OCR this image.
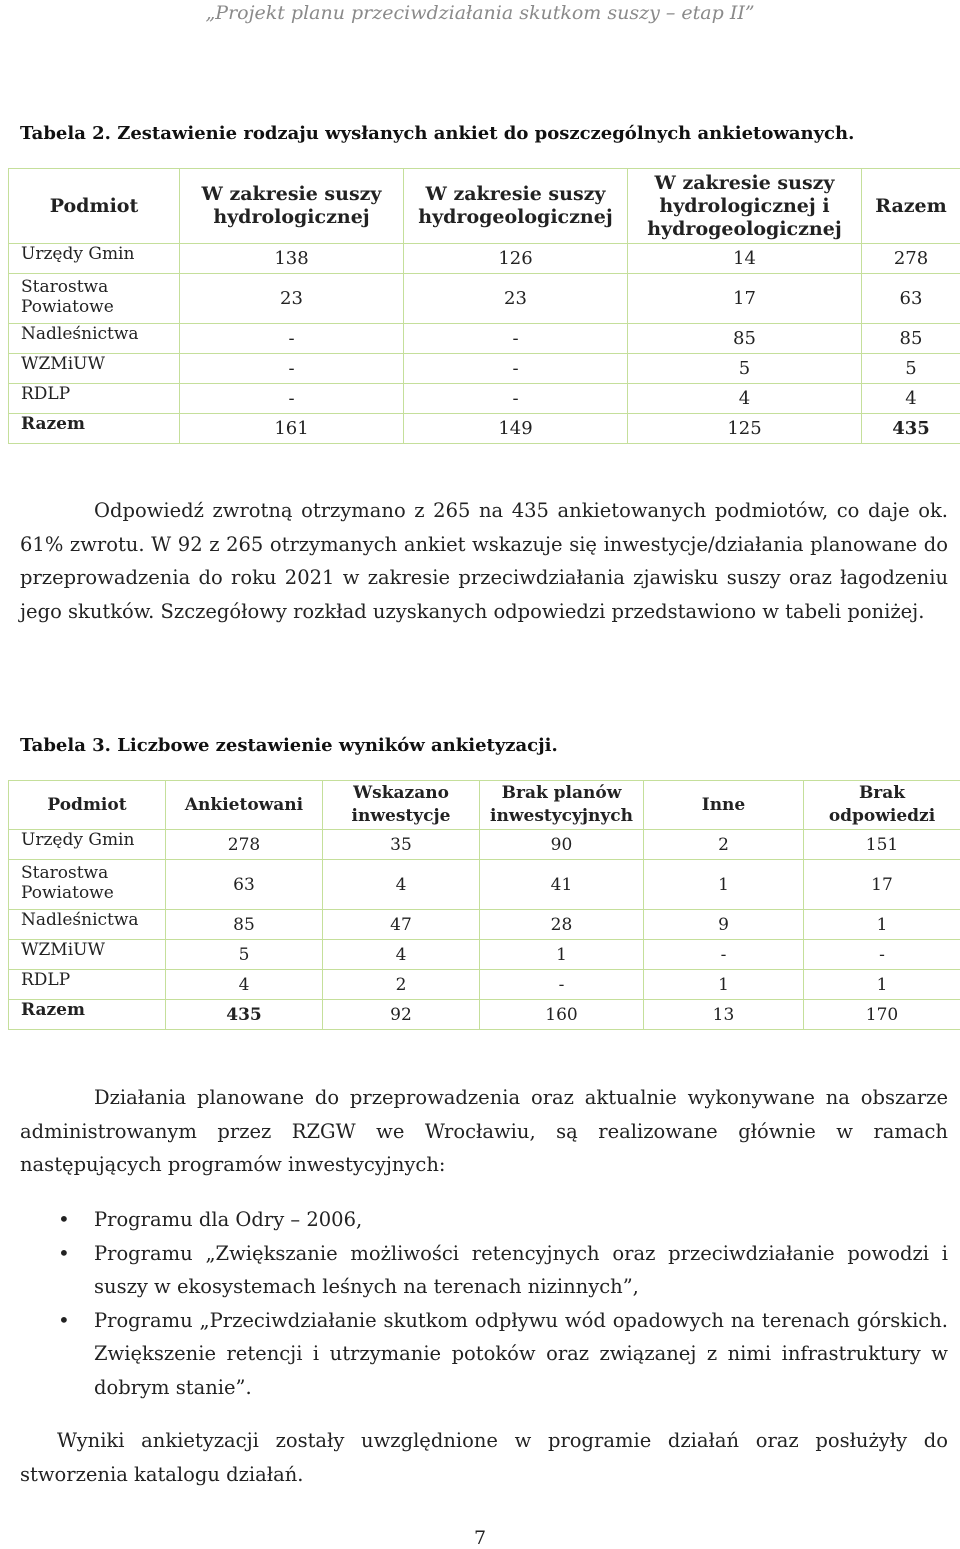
„Projekt planu przeciwdziałania skutkom suszy – etap II”
Tabela 2. Zestawienie rodzaju wysłanych ankiet do poszczególnych ankietowanych.
Podmiot	W zakresie suszy hydrologicznej	W zakresie suszy hydrogeologicznej	W zakresie suszy hydrologicznej i hydrogeologicznej	Razem
Urzędy Gmin	138	126	14	278
Starostwa Powiatowe	23	23	17	63
Nadleśnictwa	-	-	85	85
WZMiUW	-	-	5	5
RDLP	-	-	4	4
Razem	161	149	125	435

Odpowiedź zwrotną otrzymano z 265 na 435 ankietowanych podmiotów, co daje ok. 61% zwrotu. W 92 z 265 otrzymanych ankiet wskazuje się inwestycje/działania planowane do przeprowadzenia do roku 2021 w zakresie przeciwdziałania zjawisku suszy oraz łagodzeniu jego skutków. Szczegółowy rozkład uzyskanych odpowiedzi przedstawiono w tabeli poniżej.

Tabela 3. Liczbowe zestawienie wyników ankietyzacji.
Podmiot	Ankietowani	Wskazano inwestycje	Brak planów inwestycyjnych	Inne	Brak odpowiedzi
Urzędy Gmin	278	35	90	2	151
Starostwa Powiatowe	63	4	41	1	17
Nadleśnictwa	85	47	28	9	1
WZMiUW	5	4	1	-	-
RDLP	4	2	-	1	1
Razem	435	92	160	13	170

Działania planowane do przeprowadzenia oraz aktualnie wykonywane na obszarze administrowanym przez RZGW we Wrocławiu, są realizowane głównie w ramach następujących programów inwestycyjnych:

• Programu dla Odry – 2006,
• Programu „Zwiększanie możliwości retencyjnych oraz przeciwdziałanie powodzi i suszy w ekosystemach leśnych na terenach nizinnych”,
• Programu „Przeciwdziałanie skutkom odpływu wód opadowych na terenach górskich. Zwiększenie retencji i utrzymanie potoków oraz związanej z nimi infrastruktury w dobrym stanie”.

Wyniki ankietyzacji zostały uwzględnione w programie działań oraz posłużyły do stworzenia katalogu działań.

7
